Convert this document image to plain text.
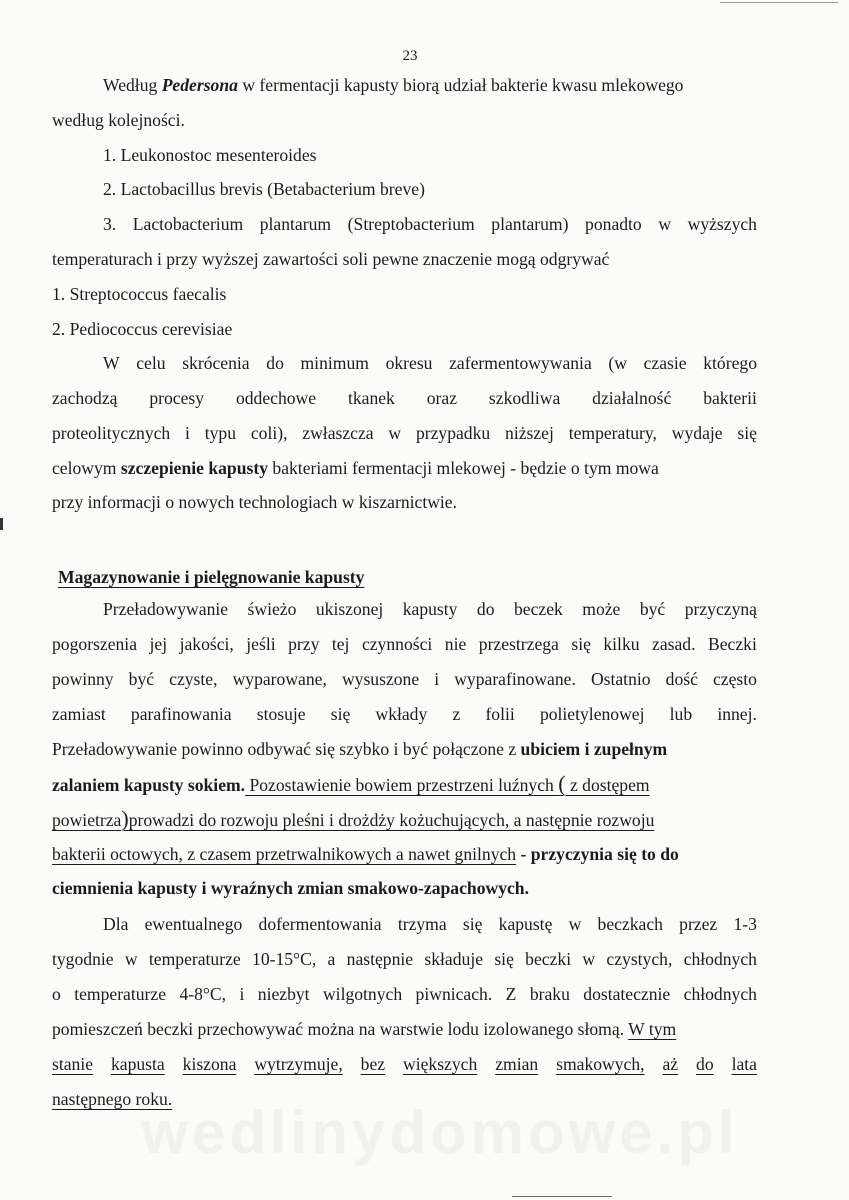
23
Według Pedersona w fermentacji kapusty biorą udział bakterie kwasu mlekowego
według kolejności.
1. Leukonostoc mesenteroides
2. Lactobacillus brevis (Betabacterium breve)
3. Lactobacterium plantarum (Streptobacterium plantarum) ponadto w wyższych
temperaturach i przy wyższej zawartości soli pewne znaczenie mogą odgrywać
1. Streptococcus faecalis
2. Pediococcus cerevisiae
W celu skrócenia do minimum okresu zafermentowywania (w czasie którego
zachodzą procesy oddechowe tkanek oraz szkodliwa działalność bakterii
proteolitycznych i typu coli), zwłaszcza w przypadku niższej temperatury, wydaje się
celowym szczepienie kapusty bakteriami fermentacji mlekowej - będzie o tym mowa
przy informacji o nowych technologiach w kiszarnictwie.
Magazynowanie i pielęgnowanie kapusty
Przeładowywanie świeżo ukiszonej kapusty do beczek może być przyczyną
pogorszenia jej jakości, jeśli przy tej czynności nie przestrzega się kilku zasad. Beczki
powinny być czyste, wyparowane, wysuszone i wyparafinowane. Ostatnio dość często
zamiast parafinowania stosuje się wkłady z folii polietylenowej lub innej.
Przeładowywanie powinno odbywać się szybko i być połączone z ubiciem i zupełnym
zalaniem kapusty sokiem. Pozostawienie bowiem przestrzeni luźnych ( z dostępem
powietrza)prowadzi do rozwoju pleśni i drożdży kożuchujących, a następnie rozwoju
bakterii octowych, z czasem przetrwalnikowych a nawet gnilnych - przyczynia się to do
ciemnienia kapusty i wyraźnych zmian smakowo-zapachowych.
Dla ewentualnego dofermentowania trzyma się kapustę w beczkach przez 1-3
tygodnie w temperaturze 10-15°C, a następnie składuje się beczki w czystych, chłodnych
o temperaturze 4-8°C, i niezbyt wilgotnych piwnicach. Z braku dostatecznie chłodnych
pomieszczeń beczki przechowywać można na warstwie lodu izolowanego słomą. W tym
stanie kapusta kiszona wytrzymuje, bez większych zmian smakowych, aż do lata
następnego roku.
wedlinydomowe.pl
